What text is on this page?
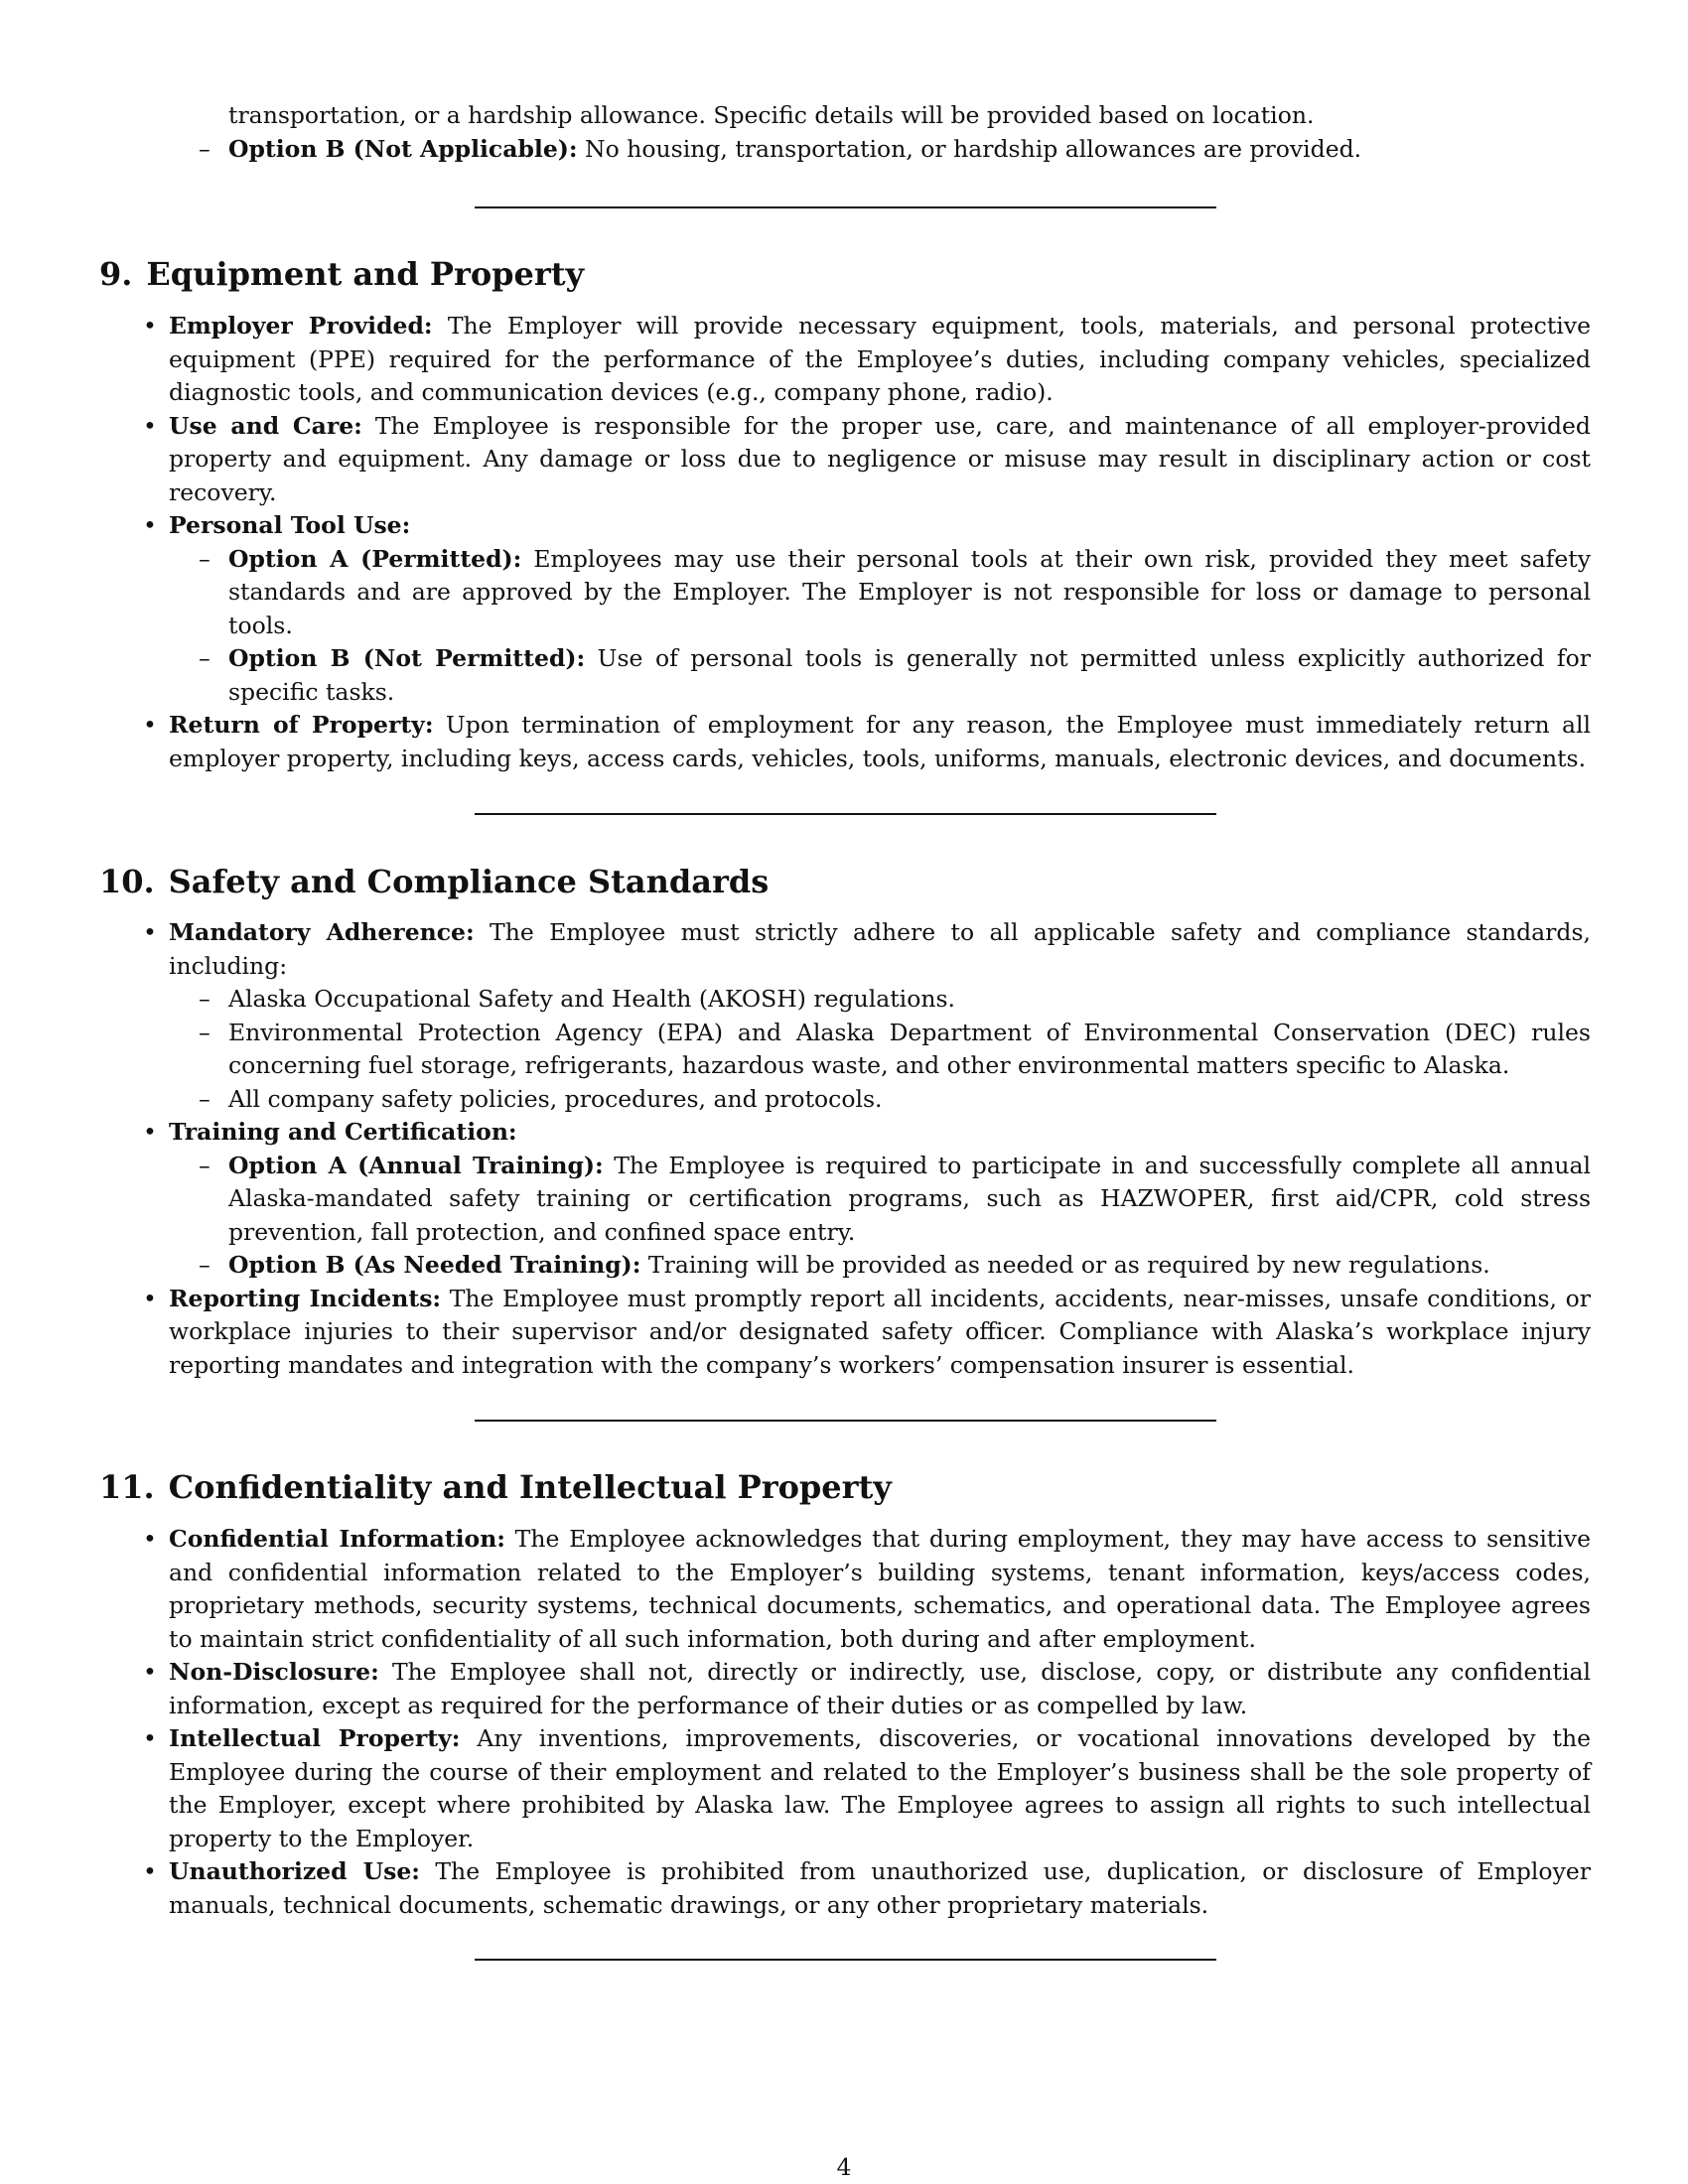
transportation, or a hardship allowance. Specific details will be provided based on location.
– Option B (Not Applicable): No housing, transportation, or hardship allowances are provided.
9. Equipment and Property
• Employer Provided: The Employer will provide necessary equipment, tools, materials, and personal protective equipment (PPE) required for the performance of the Employee’s duties, including company vehicles, specialized diagnostic tools, and communication devices (e.g., company phone, radio).
• Use and Care: The Employee is responsible for the proper use, care, and maintenance of all employer-provided property and equipment. Any damage or loss due to negligence or misuse may result in disciplinary action or cost recovery.
• Personal Tool Use:
– Option A (Permitted): Employees may use their personal tools at their own risk, provided they meet safety standards and are approved by the Employer. The Employer is not responsible for loss or damage to personal tools.
– Option B (Not Permitted): Use of personal tools is generally not permitted unless explicitly authorized for specific tasks.
• Return of Property: Upon termination of employment for any reason, the Employee must immediately return all employer property, including keys, access cards, vehicles, tools, uniforms, manuals, electronic devices, and documents.
10. Safety and Compliance Standards
• Mandatory Adherence: The Employee must strictly adhere to all applicable safety and compliance standards, including:
– Alaska Occupational Safety and Health (AKOSH) regulations.
– Environmental Protection Agency (EPA) and Alaska Department of Environmental Conservation (DEC) rules concerning fuel storage, refrigerants, hazardous waste, and other environmental matters specific to Alaska.
– All company safety policies, procedures, and protocols.
• Training and Certification:
– Option A (Annual Training): The Employee is required to participate in and successfully complete all annual Alaska-mandated safety training or certification programs, such as HAZWOPER, first aid/CPR, cold stress prevention, fall protection, and confined space entry.
– Option B (As Needed Training): Training will be provided as needed or as required by new regulations.
• Reporting Incidents: The Employee must promptly report all incidents, accidents, near-misses, unsafe conditions, or workplace injuries to their supervisor and/or designated safety officer. Compliance with Alaska’s workplace injury reporting mandates and integration with the company’s workers’ compensation insurer is essential.
11. Confidentiality and Intellectual Property
• Confidential Information: The Employee acknowledges that during employment, they may have access to sensitive and confidential information related to the Employer’s building systems, tenant information, keys/access codes, proprietary methods, security systems, technical documents, schematics, and operational data. The Employee agrees to maintain strict confidentiality of all such information, both during and after employment.
• Non-Disclosure: The Employee shall not, directly or indirectly, use, disclose, copy, or distribute any confidential information, except as required for the performance of their duties or as compelled by law.
• Intellectual Property: Any inventions, improvements, discoveries, or vocational innovations developed by the Employee during the course of their employment and related to the Employer’s business shall be the sole property of the Employer, except where prohibited by Alaska law. The Employee agrees to assign all rights to such intellectual property to the Employer.
• Unauthorized Use: The Employee is prohibited from unauthorized use, duplication, or disclosure of Employer manuals, technical documents, schematic drawings, or any other proprietary materials.
4
